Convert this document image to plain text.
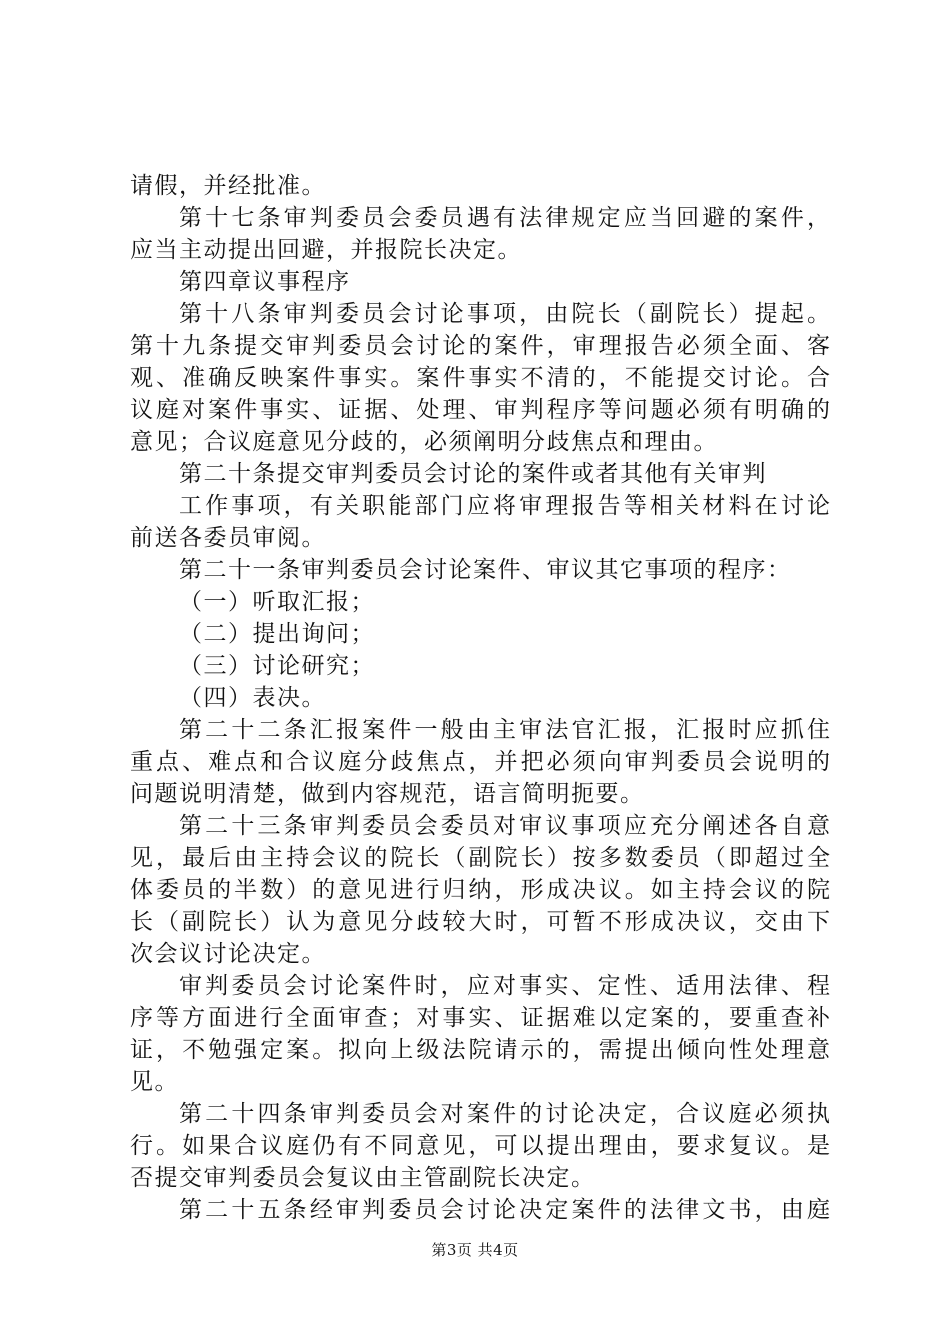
请假，并经批准。
第十七条审判委员会委员遇有法律规定应当回避的案件，
应当主动提出回避，并报院长决定。
第四章议事程序
第十八条审判委员会讨论事项，由院长（副院长）提起。
第十九条提交审判委员会讨论的案件，审理报告必须全面、客
观、准确反映案件事实。案件事实不清的，不能提交讨论。合
议庭对案件事实、证据、处理、审判程序等问题必须有明确的
意见；合议庭意见分歧的，必须阐明分歧焦点和理由。
第二十条提交审判委员会讨论的案件或者其他有关审判
工作事项，有关职能部门应将审理报告等相关材料在讨论
前送各委员审阅。
第二十一条审判委员会讨论案件、审议其它事项的程序：
（一）听取汇报；
（二）提出询问；
（三）讨论研究；
（四）表决。
第二十二条汇报案件一般由主审法官汇报，汇报时应抓住
重点、难点和合议庭分歧焦点，并把必须向审判委员会说明的
问题说明清楚，做到内容规范，语言简明扼要。
第二十三条审判委员会委员对审议事项应充分阐述各自意
见，最后由主持会议的院长（副院长）按多数委员（即超过全
体委员的半数）的意见进行归纳，形成决议。如主持会议的院
长（副院长）认为意见分歧较大时，可暂不形成决议，交由下
次会议讨论决定。
审判委员会讨论案件时，应对事实、定性、适用法律、程
序等方面进行全面审查；对事实、证据难以定案的，要重查补
证，不勉强定案。拟向上级法院请示的，需提出倾向性处理意
见。
第二十四条审判委员会对案件的讨论决定，合议庭必须执
行。如果合议庭仍有不同意见，可以提出理由，要求复议。是
否提交审判委员会复议由主管副院长决定。
第二十五条经审判委员会讨论决定案件的法律文书，由庭
第3页 共4页
